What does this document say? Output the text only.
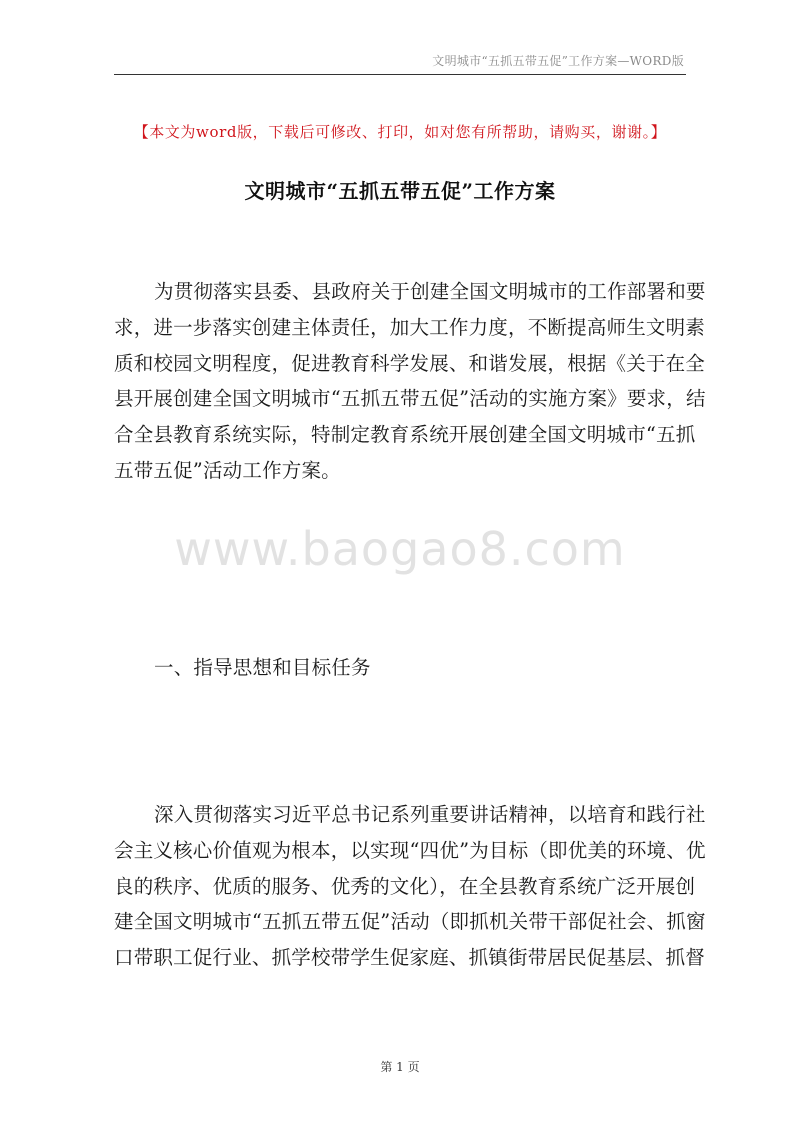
文明城市“五抓五带五促”工作方案—WORD版
【本文为word版，下载后可修改、打印，如对您有所帮助，请购买，谢谢。】
文明城市“五抓五带五促”工作方案
为贯彻落实县委、县政府关于创建全国文明城市的工作部署和要
求，进一步落实创建主体责任，加大工作力度，不断提高师生文明素
质和校园文明程度，促进教育科学发展、和谐发展，根据《关于在全
县开展创建全国文明城市“五抓五带五促”活动的实施方案》要求，结
合全县教育系统实际，特制定教育系统开展创建全国文明城市“五抓
五带五促”活动工作方案。
www.baogao8.com
一、指导思想和目标任务
深入贯彻落实习近平总书记系列重要讲话精神，以培育和践行社
会主义核心价值观为根本，以实现“四优”为目标（即优美的环境、优
良的秩序、优质的服务、优秀的文化），在全县教育系统广泛开展创
建全国文明城市“五抓五带五促”活动（即抓机关带干部促社会、抓窗
口带职工促行业、抓学校带学生促家庭、抓镇街带居民促基层、抓督
第 1 页
